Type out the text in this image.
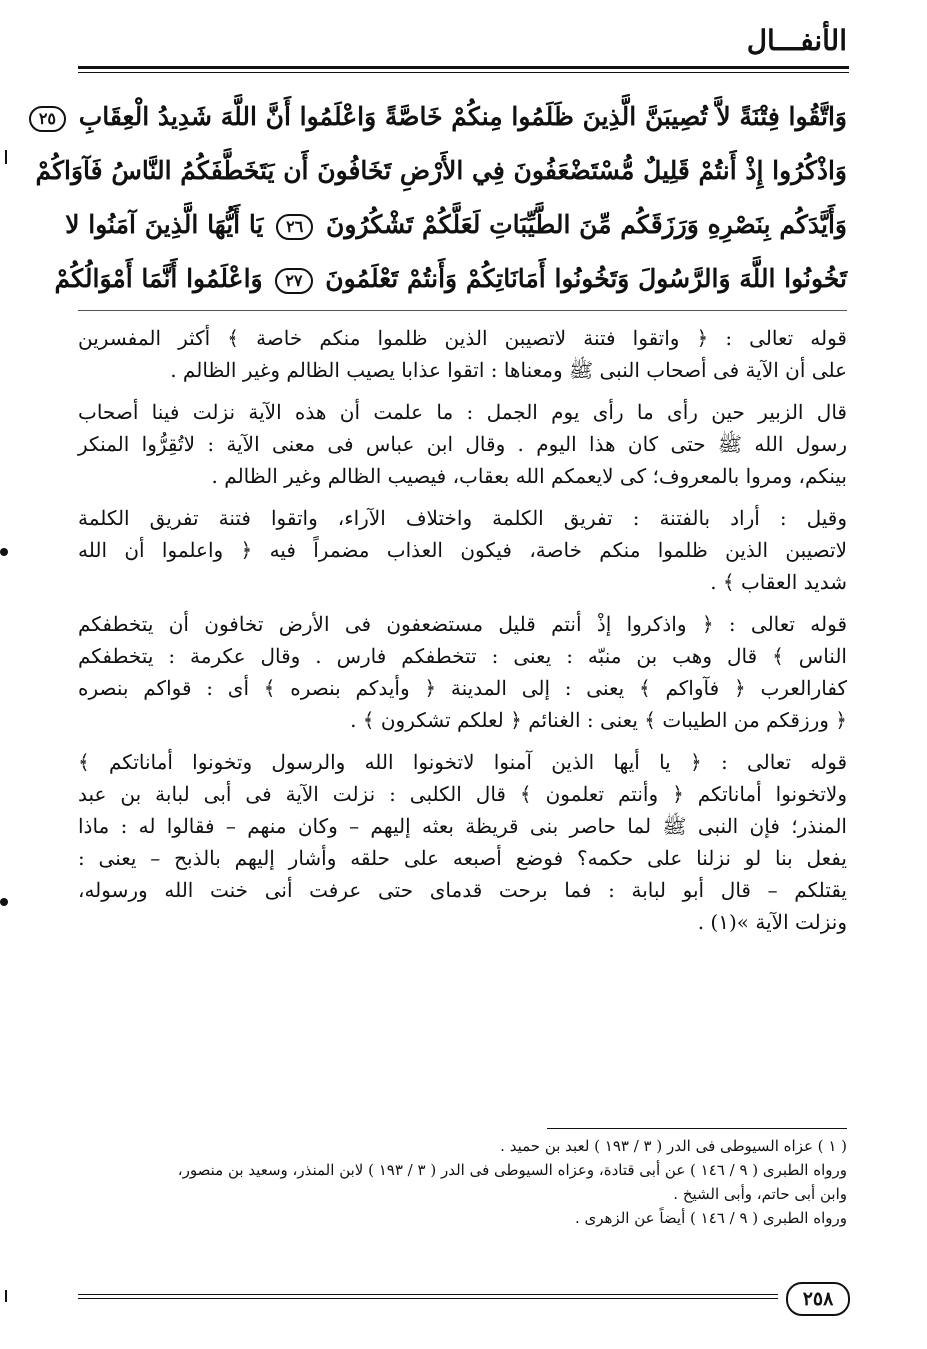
الأنفـــال
وَاتَّقُوا فِتْنَةً لاَّ تُصِيبَنَّ الَّذِينَ ظَلَمُوا مِنكُمْ خَاصَّةً وَاعْلَمُوا أَنَّ اللَّهَ شَدِيدُ الْعِقَابِ ٢٥
وَاذْكُرُوا إِذْ أَنتُمْ قَلِيلٌ مُّسْتَضْعَفُونَ فِي الأَرْضِ تَخَافُونَ أَن يَتَخَطَّفَكُمُ النَّاسُ فَآوَاكُمْ
وَأَيَّدَكُم بِنَصْرِهِ وَرَزَقَكُم مِّنَ الطَّيِّبَاتِ لَعَلَّكُمْ تَشْكُرُونَ ٢٦ يَا أَيُّهَا الَّذِينَ آمَنُوا لا
تَخُونُوا اللَّهَ وَالرَّسُولَ وَتَخُونُوا أَمَانَاتِكُمْ وَأَنتُمْ تَعْلَمُونَ ٢٧ وَاعْلَمُوا أَنَّمَا أَمْوَالُكُمْ
قوله تعالى : ﴿ واتقوا فتنة لاتصيبن الذين ظلموا منكم خاصة ﴾ أكثر المفسرين
على أن الآية فى أصحاب النبى ﷺ ومعناها : اتقوا عذابا يصيب الظالم وغير الظالم .
قال الزبير حين رأى ما رأى يوم الجمل : ما علمت أن هذه الآية نزلت فينا أصحاب
رسول الله ﷺ حتى كان هذا اليوم . وقال ابن عباس فى معنى الآية : لاتُقِرُّوا المنكر
بينكم، ومروا بالمعروف؛ كى لايعمكم الله بعقاب، فيصيب الظالم وغير الظالم .
وقيل : أراد بالفتنة : تفريق الكلمة واختلاف الآراء، واتقوا فتنة تفريق الكلمة
لاتصيبن الذين ظلموا منكم خاصة، فيكون العذاب مضمراً فيه ﴿ واعلموا أن الله
شديد العقاب ﴾ .
قوله تعالى : ﴿ واذكروا إذْ أنتم قليل مستضعفون فى الأرض تخافون أن يتخطفكم
الناس ﴾ قال وهب بن منبّه : يعنى : تتخطفكم فارس . وقال عكرمة : يتخطفكم
كفارالعرب ﴿ فآواكم ﴾ يعنى : إلى المدينة ﴿ وأيدكم بنصره ﴾ أى : قواكم بنصره
﴿ ورزقكم من الطيبات ﴾ يعنى : الغنائم ﴿ لعلكم تشكرون ﴾ .
قوله تعالى : ﴿ يا أيها الذين آمنوا لاتخونوا الله والرسول وتخونوا أماناتكم ﴾
ولاتخونوا أماناتكم ﴿ وأنتم تعلمون ﴾ قال الكلبى : نزلت الآية فى أبى لبابة بن عبد
المنذر؛ فإن النبى ﷺ لما حاصر بنى قريظة بعثه إليهم – وكان منهم – فقالوا له : ماذا
يفعل بنا لو نزلنا على حكمه؟ فوضع أصبعه على حلقه وأشار إليهم بالذبح – يعنى :
يقتلكم – قال أبو لبابة : فما برحت قدماى حتى عرفت أنى خنت الله ورسوله،
ونزلت الآية »(١) .
( ١ ) عزاه السيوطى فى الدر ( ٣ / ١٩٣ ) لعبد بن حميد .
ورواه الطبرى ( ٩ / ١٤٦ ) عن أبى قتادة، وعزاه السيوطى فى الدر ( ٣ / ١٩٣ ) لابن المنذر، وسعيد بن منصور،
وابن أبى حاتم، وأبى الشيخ .
ورواه الطبرى ( ٩ / ١٤٦ ) أيضاً عن الزهرى .
٢٥٨
